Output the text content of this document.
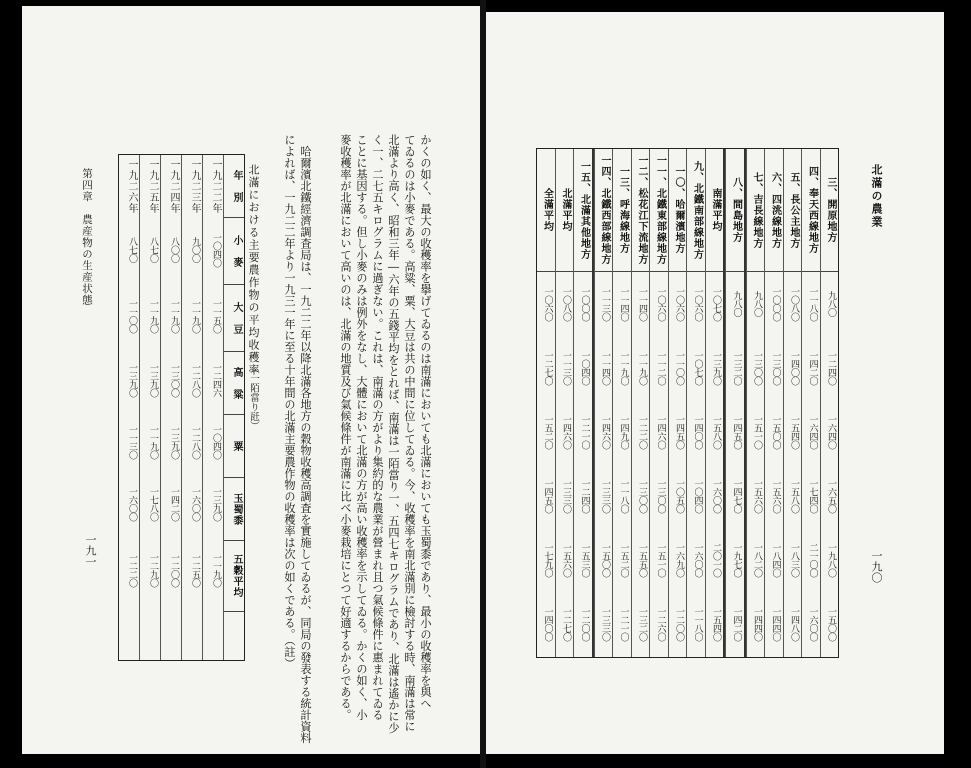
かくの如く、最大の收穫率を擧げてゐるのは南滿においても北滿においても玉蜀黍であり、最小の收穫率を與へ
てゐるのは小麥である。高粱、粟、大豆は共の中間に位してゐる。今、收穫率を南北滿別に檢討する時、南滿は常に
北滿より高く、昭和三年―六年の五錢平均をとれば、南滿は一陌當り一、五四七キログラムであり、北滿は遙かに少
く一、二七五キログラムに過ぎない。これは、南滿の方がより集約的な農業が營まれ且つ氣候條件に惠まれてゐる
ことに基因する。但し小麥のみは例外をなし、大體において北滿の方が高い收穫率を示してゐる。かくの如く、小
麥收穫率が北滿において高いのは、北滿の地質及び氣候條件が南滿に比べ小麥栽培にとつて好適するからである。
　哈爾濱北鐵經濟調査局は、一九二二年以降北滿各地方の穀物收穫高調査を實施してゐるが、同局の發表する統計資料
によれば、一九二二年より一九三一年に至る十年間の北滿主要農作物の收穫率は次の如くである。（註）
北滿における主要農作物の平均收穫率
（一陌當り瓩）
年　別
小　麥
大　豆
高　粱
粟
玉蜀黍
五穀平均
一九二二年
一〇四〇
一一五〇
一二四六
一〇四〇
一三九〇
一一九〇
一九二三年
九〇〇
一一九〇
一二八〇
一二八〇
一六〇〇
一二五〇
一九二四年
八〇〇
一一九〇
一三〇〇
一三九〇
一四二〇
一二〇〇
一九二五年
八七〇
一一九〇
一三九〇
一一九〇
一七八〇
一二九〇
一九二六年
八七〇
一一〇〇
一三九〇
一一三〇
一六〇〇
一二二〇
第四章　農産物の生産状態
一九一
北滿の農業
一九〇
三、開原地方
九八〇
一二四〇
一六四〇
一六五〇
一九八〇
一五〇〇
四、奉天西線地方
一一八〇
一四二〇
一六四〇
一七四〇
二一〇〇
一六〇〇
五、長公主地方
一〇八〇
一四〇〇
一五四〇
一五八〇
一八三〇
一四八〇
六、四洮線地方
一〇〇〇
一三〇〇
一五〇〇
一五六〇
一八四〇
一四四〇
七、吉長線地方
九八〇
一三〇〇
一五一〇
一五六〇
一八二〇
一四四〇
八、間島地方
九八〇
一三二〇
一四五〇
一四七〇
一九七〇
一四二〇
南滿平均
一〇七〇
一三九〇
一五八〇
一六〇〇
二〇一〇
一五四〇
九、北鐵南部線地方
一〇六〇
一〇七〇
一四〇〇
一〇四〇
一六〇〇
一一八〇
一〇、哈爾濱地方
一〇六〇
一一〇〇
一四五〇
一〇五〇
一六九〇
一二〇〇
一一、北鐵東部線地方
一〇六〇
一一二〇
一四六〇
一三〇〇
一五一〇
一二六〇
一二、松花江下流地方
一一四〇
一一九〇
一二二〇
一三〇〇
一五五〇
一三二〇
一三、呼海線地方
一一四〇
一一九〇
一四九〇
一一八〇
一五二〇
一二一〇
一四、北鐵西部線地方
一一三〇
一一四〇
一四六〇
一三三〇
一五〇〇
一三三〇
一五、北滿其他地方
一〇〇〇
一〇四〇
一二一〇
一二四〇
一五三〇
一二〇〇
北滿平均
一〇八〇
一一三〇
一四六〇
一三三〇
一五六〇
一二七〇
全滿平均
一〇六〇
一二七〇
一五二〇
一四五〇
一七九〇
一四〇〇
